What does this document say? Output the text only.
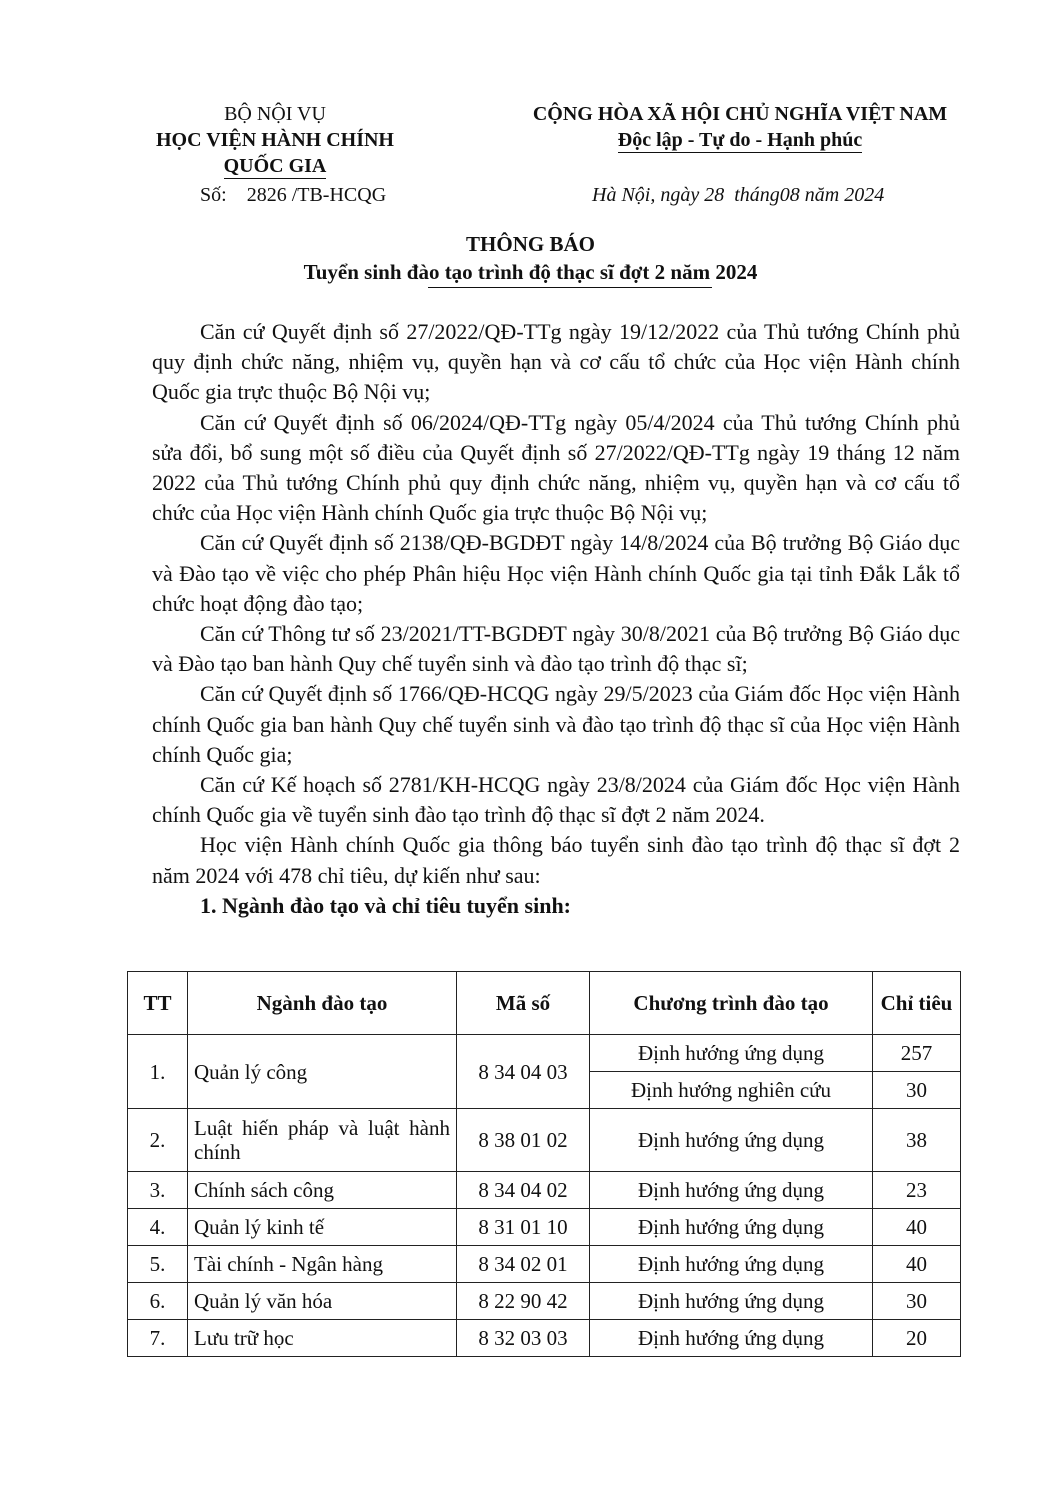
BỘ NỘI VỤ
HỌC VIỆN HÀNH CHÍNH
QUỐC GIA
CỘNG HÒA XÃ HỘI CHỦ NGHĨA VIỆT NAM
Độc lập - Tự do - Hạnh phúc
Số: 2826 /TB-HCQG	Hà Nội, ngày 28 tháng08 năm 2024
THÔNG BÁO
Tuyển sinh đào tạo trình độ thạc sĩ đợt 2 năm 2024

Căn cứ Quyết định số 27/2022/QĐ-TTg ngày 19/12/2022 của Thủ tướng Chính phủ quy định chức năng, nhiệm vụ, quyền hạn và cơ cấu tổ chức của Học viện Hành chính Quốc gia trực thuộc Bộ Nội vụ;

Căn cứ Quyết định số 06/2024/QĐ-TTg ngày 05/4/2024 của Thủ tướng Chính phủ sửa đổi, bổ sung một số điều của Quyết định số 27/2022/QĐ-TTg ngày 19 tháng 12 năm 2022 của Thủ tướng Chính phủ quy định chức năng, nhiệm vụ, quyền hạn và cơ cấu tổ chức của Học viện Hành chính Quốc gia trực thuộc Bộ Nội vụ;

Căn cứ Quyết định số 2138/QĐ-BGDĐT ngày 14/8/2024 của Bộ trưởng Bộ Giáo dục và Đào tạo về việc cho phép Phân hiệu Học viện Hành chính Quốc gia tại tỉnh Đắk Lắk tổ chức hoạt động đào tạo;

Căn cứ Thông tư số 23/2021/TT-BGDĐT ngày 30/8/2021 của Bộ trưởng Bộ Giáo dục và Đào tạo ban hành Quy chế tuyển sinh và đào tạo trình độ thạc sĩ;

Căn cứ Quyết định số 1766/QĐ-HCQG ngày 29/5/2023 của Giám đốc Học viện Hành chính Quốc gia ban hành Quy chế tuyển sinh và đào tạo trình độ thạc sĩ của Học viện Hành chính Quốc gia;

Căn cứ Kế hoạch số 2781/KH-HCQG ngày 23/8/2024 của Giám đốc Học viện Hành chính Quốc gia về tuyển sinh đào tạo trình độ thạc sĩ đợt 2 năm 2024.

Học viện Hành chính Quốc gia thông báo tuyển sinh đào tạo trình độ thạc sĩ đợt 2 năm 2024 với 478 chỉ tiêu, dự kiến như sau:

1. Ngành đào tạo và chỉ tiêu tuyển sinh:

TT	Ngành đào tạo	Mã số	Chương trình đào tạo	Chỉ tiêu
1.	Quản lý công	8 34 04 03	Định hướng ứng dụng	257
			Định hướng nghiên cứu	30
2.	Luật hiến pháp và luật hành chính	8 38 01 02	Định hướng ứng dụng	38
3.	Chính sách công	8 34 04 02	Định hướng ứng dụng	23
4.	Quản lý kinh tế	8 31 01 10	Định hướng ứng dụng	40
5.	Tài chính - Ngân hàng	8 34 02 01	Định hướng ứng dụng	40
6.	Quản lý văn hóa	8 22 90 42	Định hướng ứng dụng	30
7.	Lưu trữ học	8 32 03 03	Định hướng ứng dụng	20
